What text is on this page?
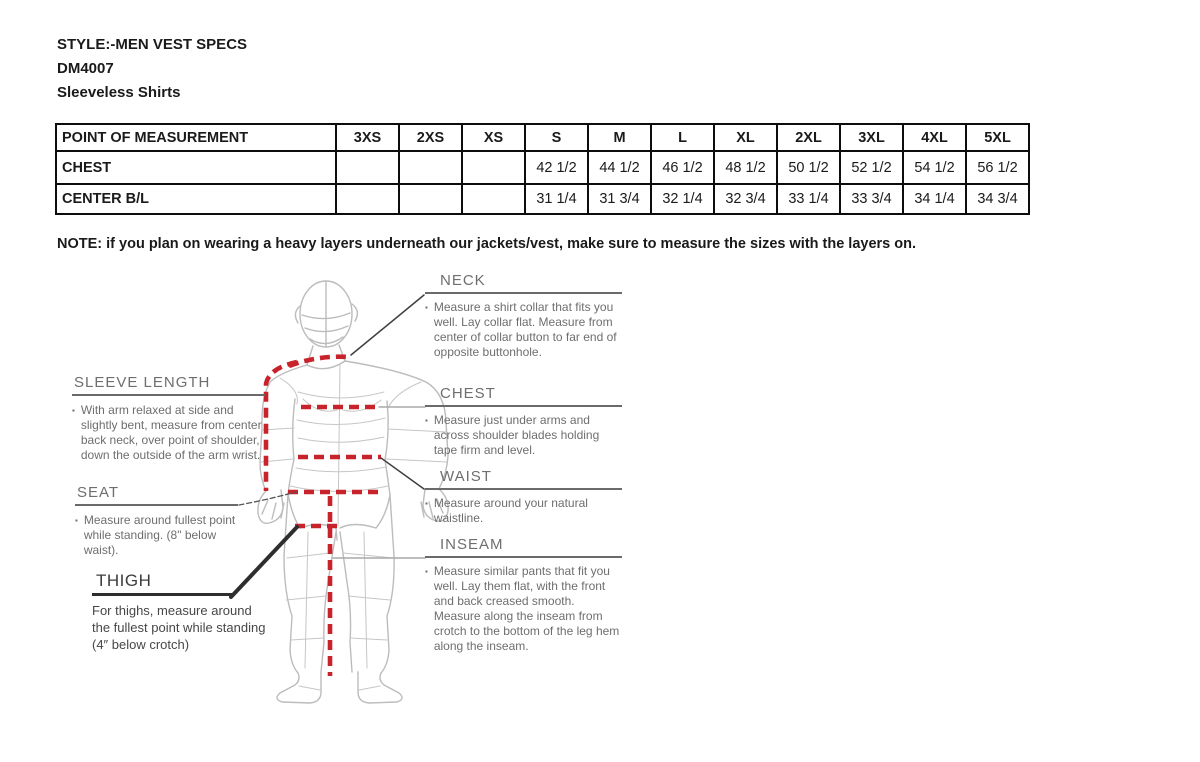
STYLE:-MEN VEST SPECS
DM4007
Sleeveless Shirts
POINT OF MEASUREMENT	3XS	2XS	XS	S	M	L	XL	2XL	3XL	4XL	5XL
CHEST				42 1/2	44 1/2	46 1/2	48 1/2	50 1/2	52 1/2	54 1/2	56 1/2
CENTER B/L				31 1/4	31 3/4	32 1/4	32 3/4	33 1/4	33 3/4	34 1/4	34 3/4
NOTE: if you plan on wearing a heavy layers underneath our jackets/vest, make sure to measure the sizes with the layers on.
NECK
▪ Measure a shirt collar that fits you well. Lay collar flat. Measure from center of collar button to far end of opposite buttonhole.
CHEST
▪ Measure just under arms and across shoulder blades holding tape firm and level.
WAIST
▪ Measure around your natural waistline.
INSEAM
▪ Measure similar pants that fit you well. Lay them flat, with the front and back creased smooth. Measure along the inseam from crotch to the bottom of the leg hem along the inseam.
SLEEVE LENGTH
▪ With arm relaxed at side and slightly bent, measure from center back neck, over point of shoulder, down the outside of the arm wrist.
SEAT
▪ Measure around fullest point while standing. (8" below waist).
THIGH
For thighs, measure around the fullest point while standing (4″ below crotch)
